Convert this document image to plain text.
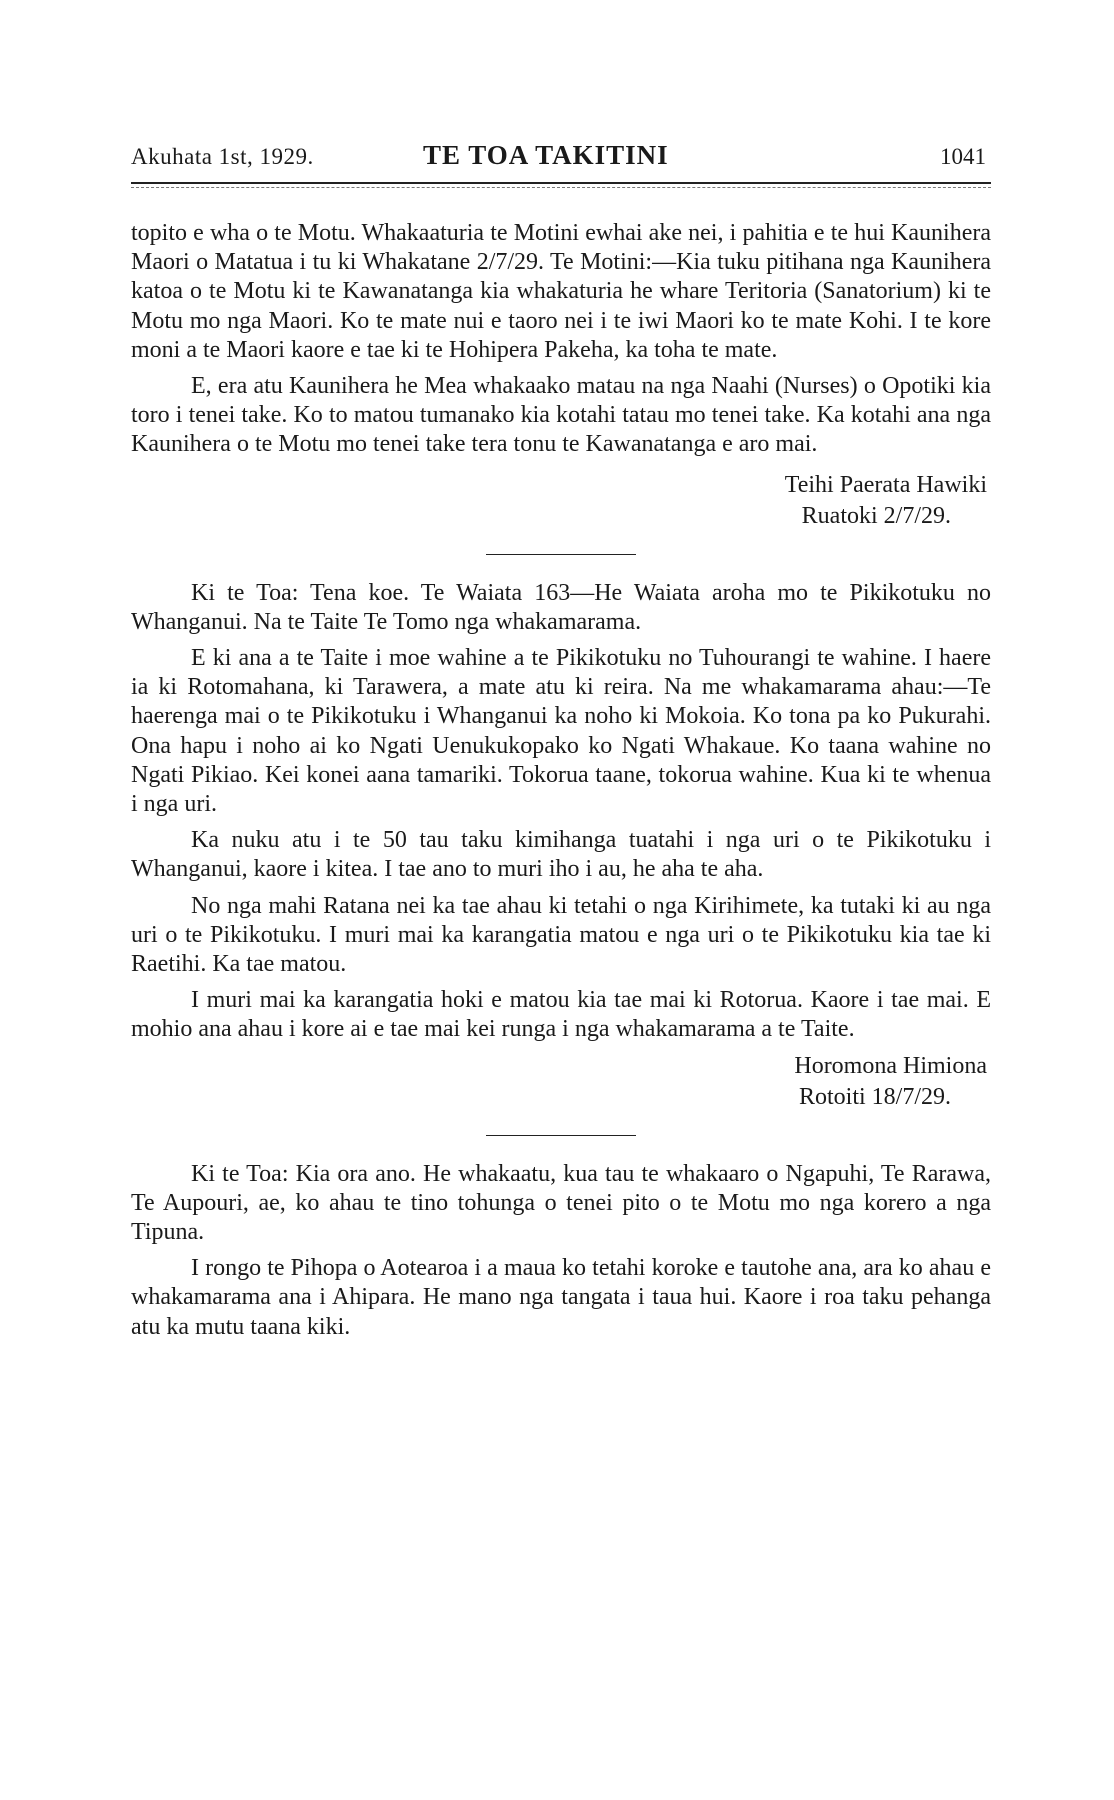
Akuhata 1st, 1929.	TE TOA TAKITINI	1041

topito e wha o te Motu. Whakaaturia te Motini ewhai ake nei, i pahitia e te hui Kaunihera Maori o Matatua i tu ki Whakatane 2/7/29. Te Motini:—Kia tuku pitihana nga Kaunihera katoa o te Motu ki te Kawanatanga kia whakaturia he whare Teritoria (Sanatorium) ki te Motu mo nga Maori. Ko te mate nui e taoro nei i te iwi Maori ko te mate Kohi. I te kore moni a te Maori kaore e tae ki te Hohipera Pakeha, ka toha te mate.

E, era atu Kaunihera he Mea whakaako matau na nga Naahi (Nurses) o Opotiki kia toro i tenei take. Ko to matou tumanako kia kotahi tatau mo tenei take. Ka kotahi ana nga Kaunihera o te Motu mo tenei take tera tonu te Kawanatanga e aro mai.

Teihi Paerata Hawiki
Ruatoki 2/7/29.

Ki te Toa: Tena koe. Te Waiata 163—He Waiata aroha mo te Pikikotuku no Whanganui. Na te Taite Te Tomo nga whakamarama.

E ki ana a te Taite i moe wahine a te Pikikotuku no Tuhourangi te wahine. I haere ia ki Rotomahana, ki Tarawera, a mate atu ki reira. Na me whakamarama ahau:—Te haerenga mai o te Pikikotuku i Whanganui ka noho ki Mokoia. Ko tona pa ko Pukurahi. Ona hapu i noho ai ko Ngati Uenukukopako ko Ngati Whakaue. Ko taana wahine no Ngati Pikiao. Kei konei aana tamariki. Tokorua taane, tokorua wahine. Kua ki te whenua i nga uri.

Ka nuku atu i te 50 tau taku kimihanga tuatahi i nga uri o te Pikikotuku i Whanganui, kaore i kitea. I tae ano to muri iho i au, he aha te aha.

No nga mahi Ratana nei ka tae ahau ki tetahi o nga Kirihimete, ka tutaki ki au nga uri o te Pikikotuku. I muri mai ka karangatia matou e nga uri o te Pikikotuku kia tae ki Raetihi. Ka tae matou.

I muri mai ka karangatia hoki e matou kia tae mai ki Rotorua. Kaore i tae mai. E mohio ana ahau i kore ai e tae mai kei runga i nga whakamarama a te Taite.

Horomona Himiona
Rotoiti 18/7/29.

Ki te Toa: Kia ora ano. He whakaatu, kua tau te whakaaro o Ngapuhi, Te Rarawa, Te Aupouri, ae, ko ahau te tino tohunga o tenei pito o te Motu mo nga korero a nga Tipuna.

I rongo te Pihopa o Aotearoa i a maua ko tetahi koroke e tautohe ana, ara ko ahau e whakamarama ana i Ahipara. He mano nga tangata i taua hui. Kaore i roa taku pehanga atu ka mutu taana kiki.
